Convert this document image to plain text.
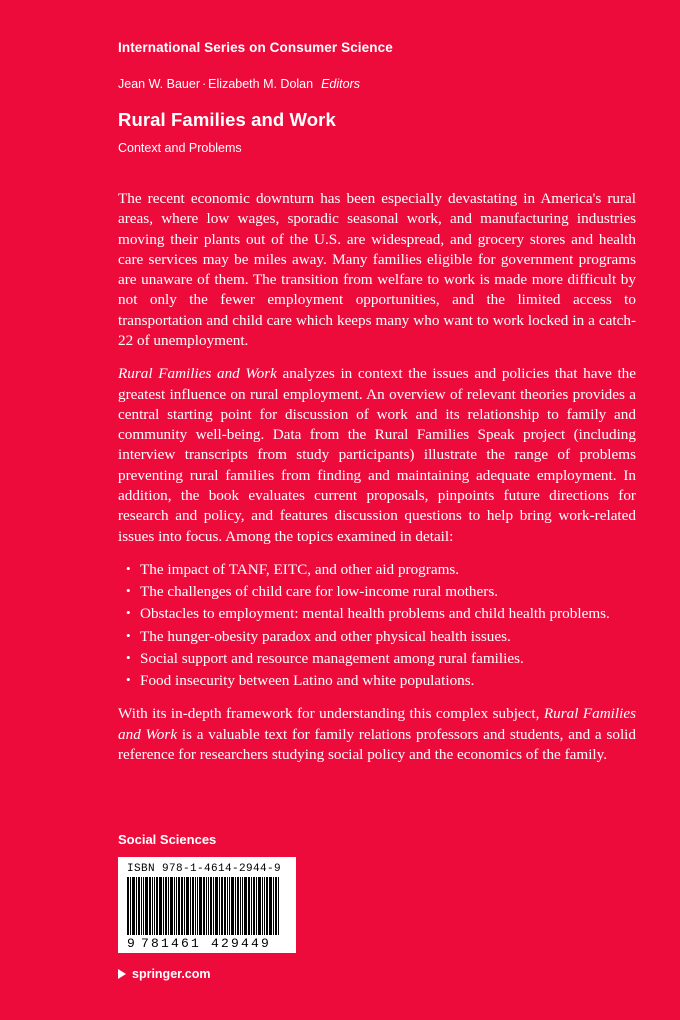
International Series on Consumer Science
Jean W. Bauer · Elizabeth M. Dolan Editors
Rural Families and Work
Context and Problems

The recent economic downturn has been especially devastating in America's rural areas, where low wages, sporadic seasonal work, and manufacturing industries moving their plants out of the U.S. are widespread, and grocery stores and health care services may be miles away. Many families eligible for government programs are unaware of them. The transition from welfare to work is made more difficult by not only the fewer employment opportunities, and the limited access to transportation and child care which keeps many who want to work locked in a catch-22 of unemployment.

Rural Families and Work analyzes in context the issues and policies that have the greatest influence on rural employment. An overview of relevant theories provides a central starting point for discussion of work and its relationship to family and community well-being. Data from the Rural Families Speak project (including interview transcripts from study participants) illustrate the range of problems preventing rural families from finding and maintaining adequate employment. In addition, the book evaluates current proposals, pinpoints future directions for research and policy, and features discussion questions to help bring work-related issues into focus. Among the topics examined in detail:

• The impact of TANF, EITC, and other aid programs.
• The challenges of child care for low-income rural mothers.
• Obstacles to employment: mental health problems and child health problems.
• The hunger-obesity paradox and other physical health issues.
• Social support and resource management among rural families.
• Food insecurity between Latino and white populations.

With its in-depth framework for understanding this complex subject, Rural Families and Work is a valuable text for family relations professors and students, and a solid reference for researchers studying social policy and the economics of the family.

Social Sciences
ISBN 978-1-4614-2944-9
9 781461 429449
springer.com
